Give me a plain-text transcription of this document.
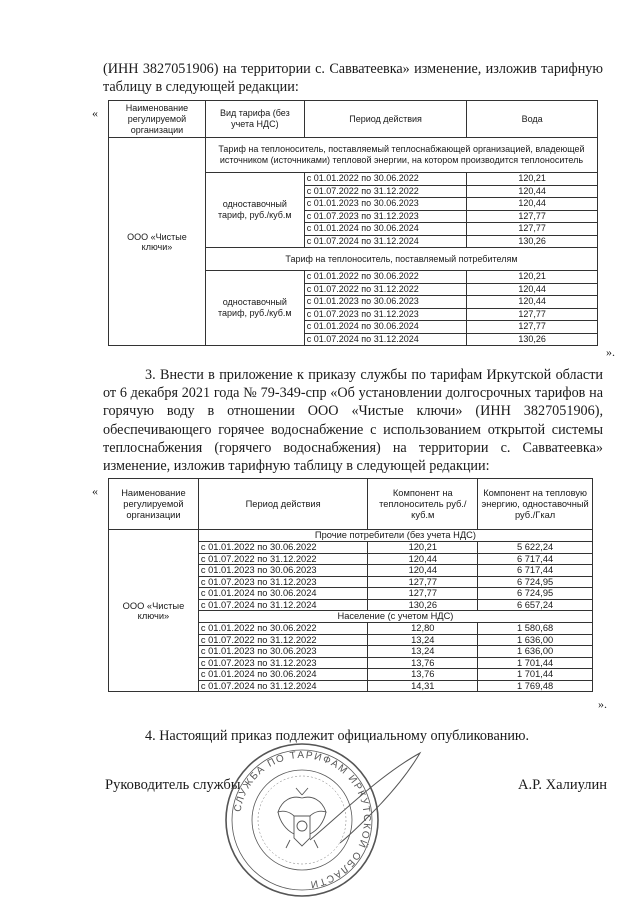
(ИНН 3827051906) на территории с. Савватеевка» изменение, изложив тарифную таблицу в следующей редакции:
«	Наименование регулируемой организации	Вид тарифа (без учета НДС)	Период действия	Вода
ООО «Чистые ключи»	Тариф на теплоноситель, поставляемый теплоснабжающей организацией, владеющей источником (источниками) тепловой энергии, на котором производится теплоноситель		
	одноставочный тариф, руб./куб.м	с 01.01.2022 по 30.06.2022	120,21
		с 01.07.2022 по 31.12.2022	120,44
		с 01.01.2023 по 30.06.2023	120,44
		с 01.07.2023 по 31.12.2023	127,77
		с 01.01.2024 по 30.06.2024	127,77
		с 01.07.2024 по 31.12.2024	130,26
	Тариф на теплоноситель, поставляемый потребителям		
	одноставочный тариф, руб./куб.м	с 01.01.2022 по 30.06.2022	120,21
		с 01.07.2022 по 31.12.2022	120,44
		с 01.01.2023 по 30.06.2023	120,44
		с 01.07.2023 по 31.12.2023	127,77
		с 01.01.2024 по 30.06.2024	127,77
		с 01.07.2024 по 31.12.2024	130,26
».
3. Внести в приложение к приказу службы по тарифам Иркутской области от 6 декабря 2021 года № 79-349-спр «Об установлении долгосрочных тарифов на горячую воду в отношении ООО «Чистые ключи» (ИНН 3827051906), обеспечивающего горячее водоснабжение с использованием открытой системы теплоснабжения (горячего водоснабжения) на территории с. Савватеевка» изменение, изложив тарифную таблицу в следующей редакции:
« Наименование регулируемой организации	Период действия	Компонент на теплоноситель руб./куб.м	Компонент на тепловую энергию, одноставочный руб./Гкал
ООО «Чистые ключи»	Прочие потребители (без учета НДС)		
	с 01.01.2022 по 30.06.2022	120,21	5 622,24
	с 01.07.2022 по 31.12.2022	120,44	6 717,44
	с 01.01.2023 по 30.06.2023	120,44	6 717,44
	с 01.07.2023 по 31.12.2023	127,77	6 724,95
	с 01.01.2024 по 30.06.2024	127,77	6 724,95
	с 01.07.2024 по 31.12.2024	130,26	6 657,24
	Население (с учетом НДС)		
	с 01.01.2022 по 30.06.2022	12,80	1 580,68
	с 01.07.2022 по 31.12.2022	13,24	1 636,00
	с 01.01.2023 по 30.06.2023	13,24	1 636,00
	с 01.07.2023 по 31.12.2023	13,76	1 701,44
	с 01.01.2024 по 30.06.2024	13,76	1 701,44
	с 01.07.2024 по 31.12.2024	14,31	1 769,48
».
4. Настоящий приказ подлежит официальному опубликованию.
Руководитель службы	А.Р. Халиулин
СЛУЖБА ПО ТАРИФАМ ИРКУТСКОЙ ОБЛАСТИ
